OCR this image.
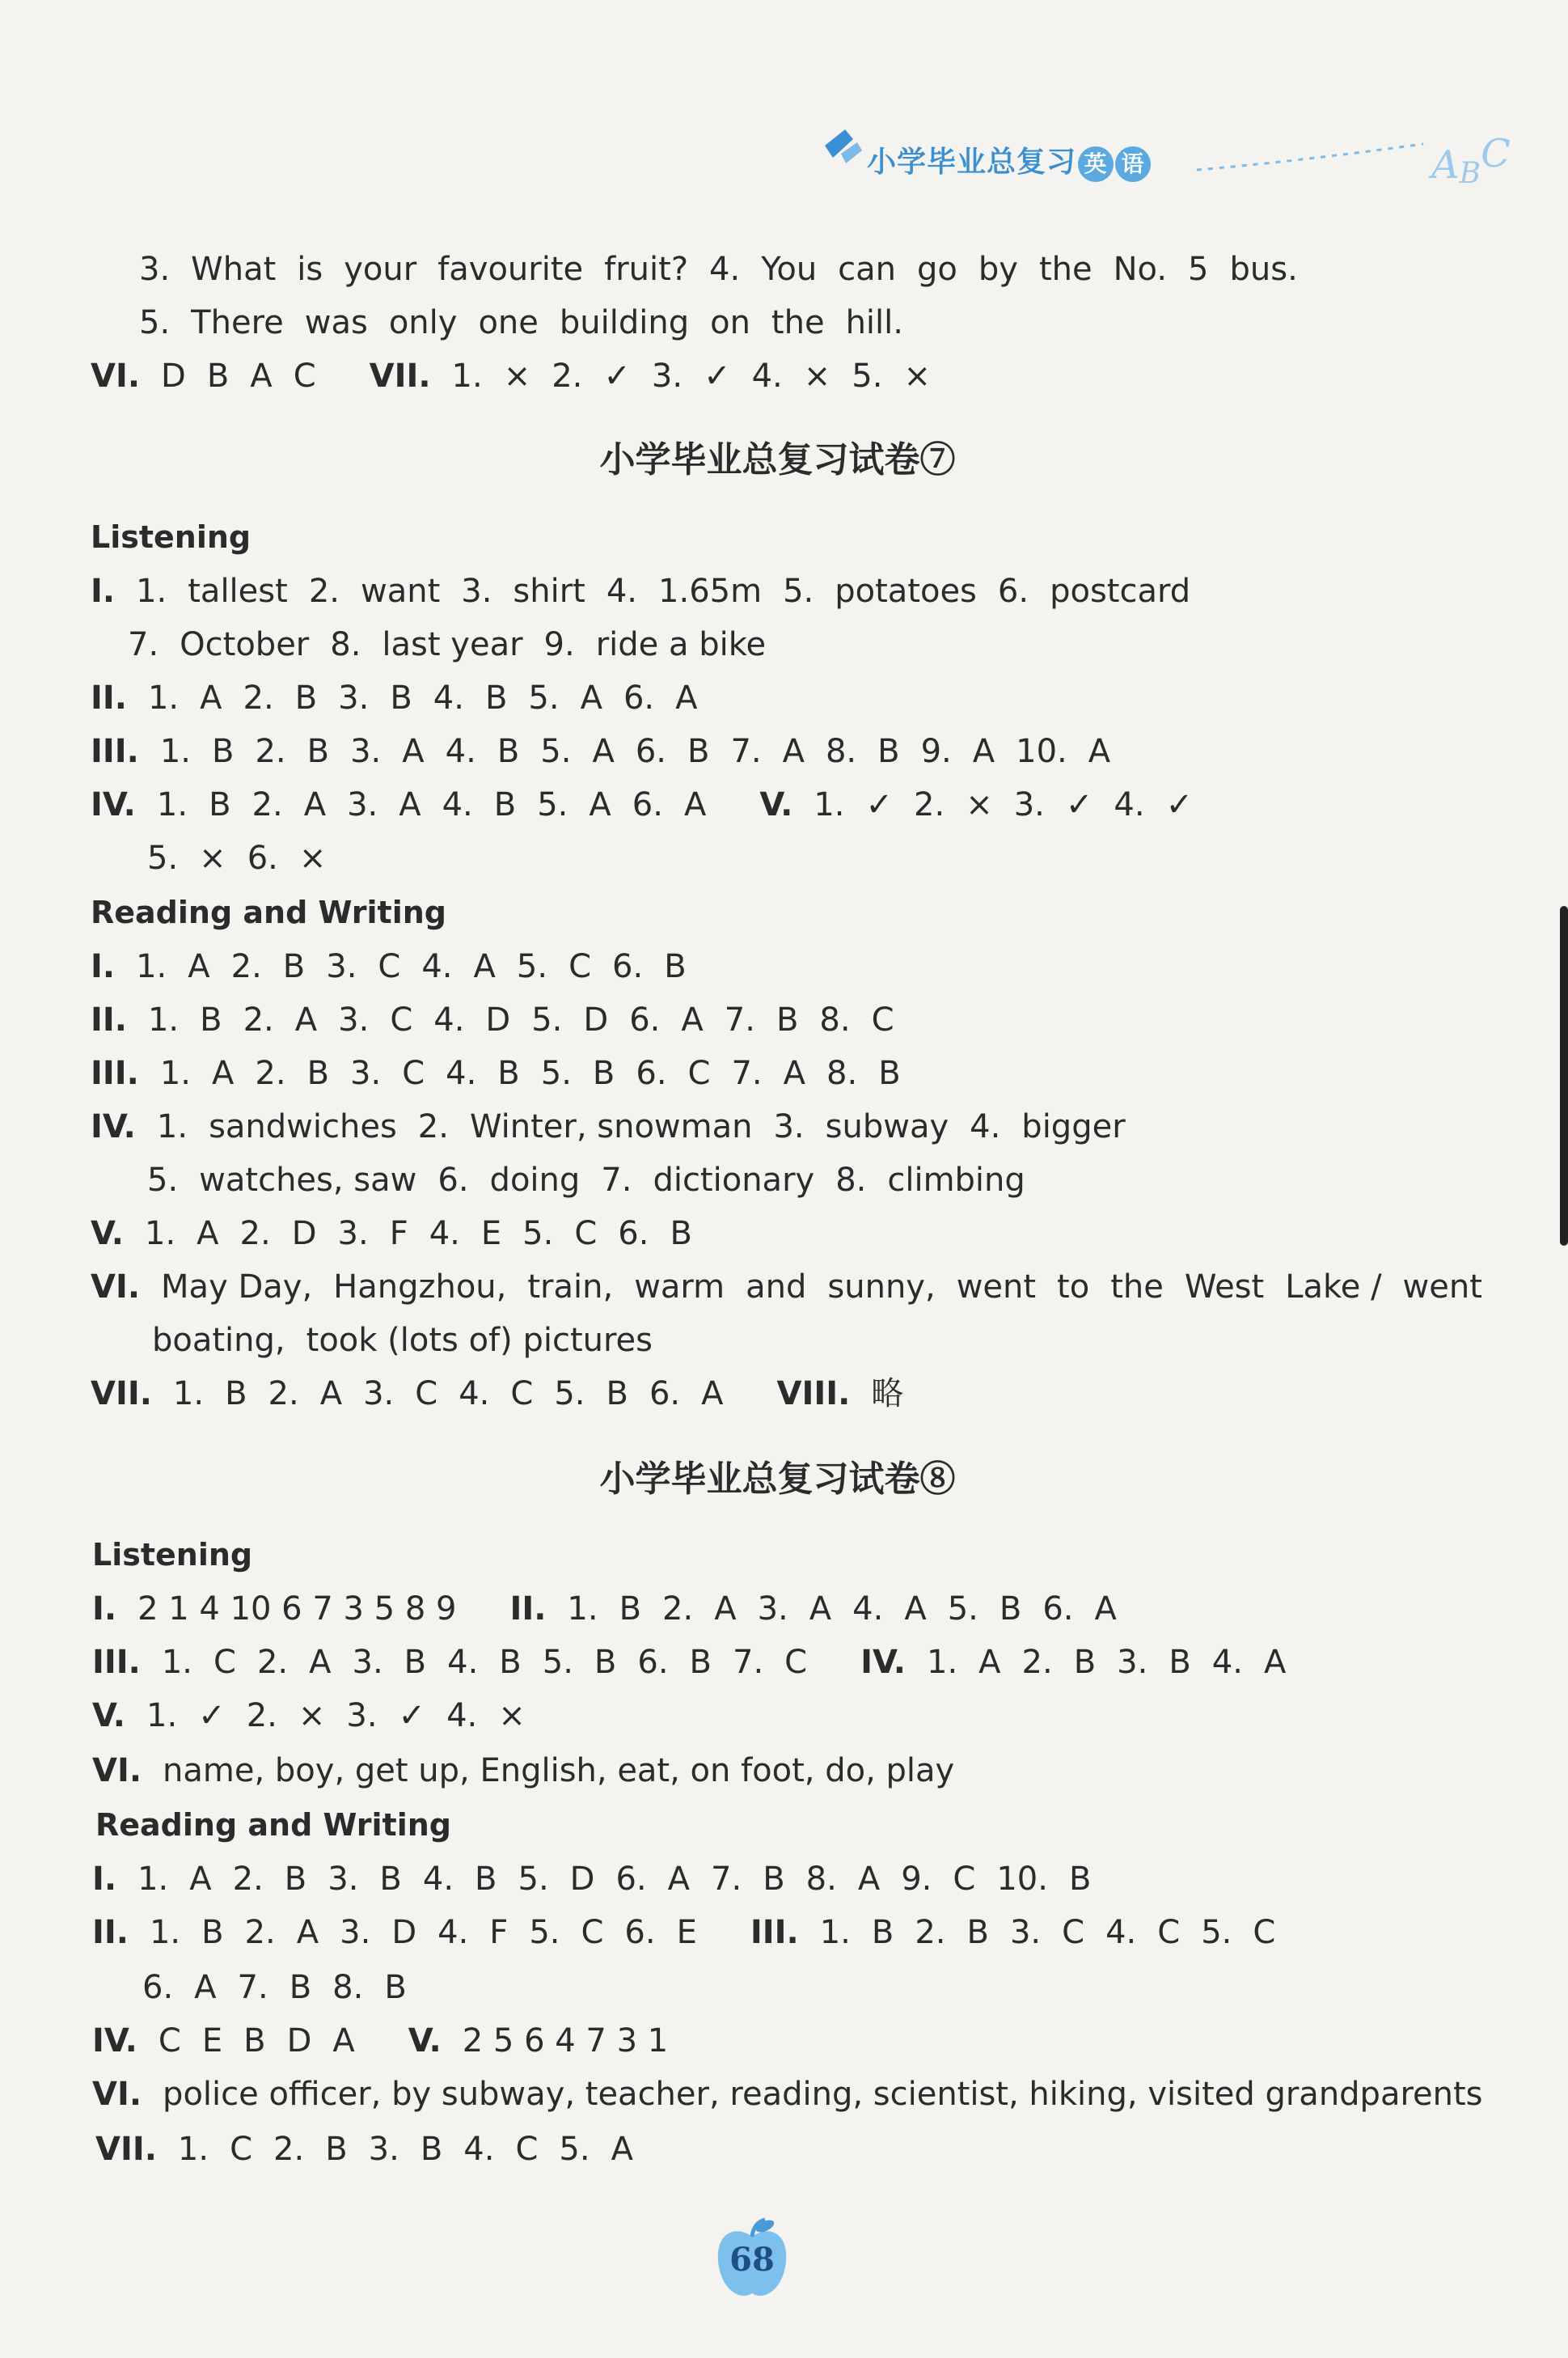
小学毕业总复习 英 语	ABC
3. What is your favourite fruit? 4. You can go by the No. 5 bus.
5. There was only one building on the hill.
VI. D B A C VII. 1. × 2. ✓ 3. ✓ 4. × 5. ×
小学毕业总复习试卷⑦
Listening
I. 1. tallest 2. want 3. shirt 4. 1.65m 5. potatoes 6. postcard
7. October 8. last year 9. ride a bike
II. 1. A 2. B 3. B 4. B 5. A 6. A
III. 1. B 2. B 3. A 4. B 5. A 6. B 7. A 8. B 9. A 10. A
IV. 1. B 2. A 3. A 4. B 5. A 6. A V. 1. ✓ 2. × 3. ✓ 4. ✓
5. × 6. ×
Reading and Writing
I. 1. A 2. B 3. C 4. A 5. C 6. B
II. 1. B 2. A 3. C 4. D 5. D 6. A 7. B 8. C
III. 1. A 2. B 3. C 4. B 5. B 6. C 7. A 8. B
IV. 1. sandwiches 2. Winter, snowman 3. subway 4. bigger
5. watches, saw 6. doing 7. dictionary 8. climbing
V. 1. A 2. D 3. F 4. E 5. C 6. B
VI. May Day, Hangzhou, train, warm and sunny, went to the West Lake / went
boating, took (lots of) pictures
VII. 1. B 2. A 3. C 4. C 5. B 6. A VIII. 略
小学毕业总复习试卷⑧
Listening
I. 2 1 4 10 6 7 3 5 8 9 II. 1. B 2. A 3. A 4. A 5. B 6. A
III. 1. C 2. A 3. B 4. B 5. B 6. B 7. C IV. 1. A 2. B 3. B 4. A
V. 1. ✓ 2. × 3. ✓ 4. ×
VI. name, boy, get up, English, eat, on foot, do, play
Reading and Writing
I. 1. A 2. B 3. B 4. B 5. D 6. A 7. B 8. A 9. C 10. B
II. 1. B 2. A 3. D 4. F 5. C 6. E III. 1. B 2. B 3. C 4. C 5. C
6. A 7. B 8. B
IV. C E B D A V. 2 5 6 4 7 3 1
VI. police officer, by subway, teacher, reading, scientist, hiking, visited grandparents
VII. 1. C 2. B 3. B 4. C 5. A
68
